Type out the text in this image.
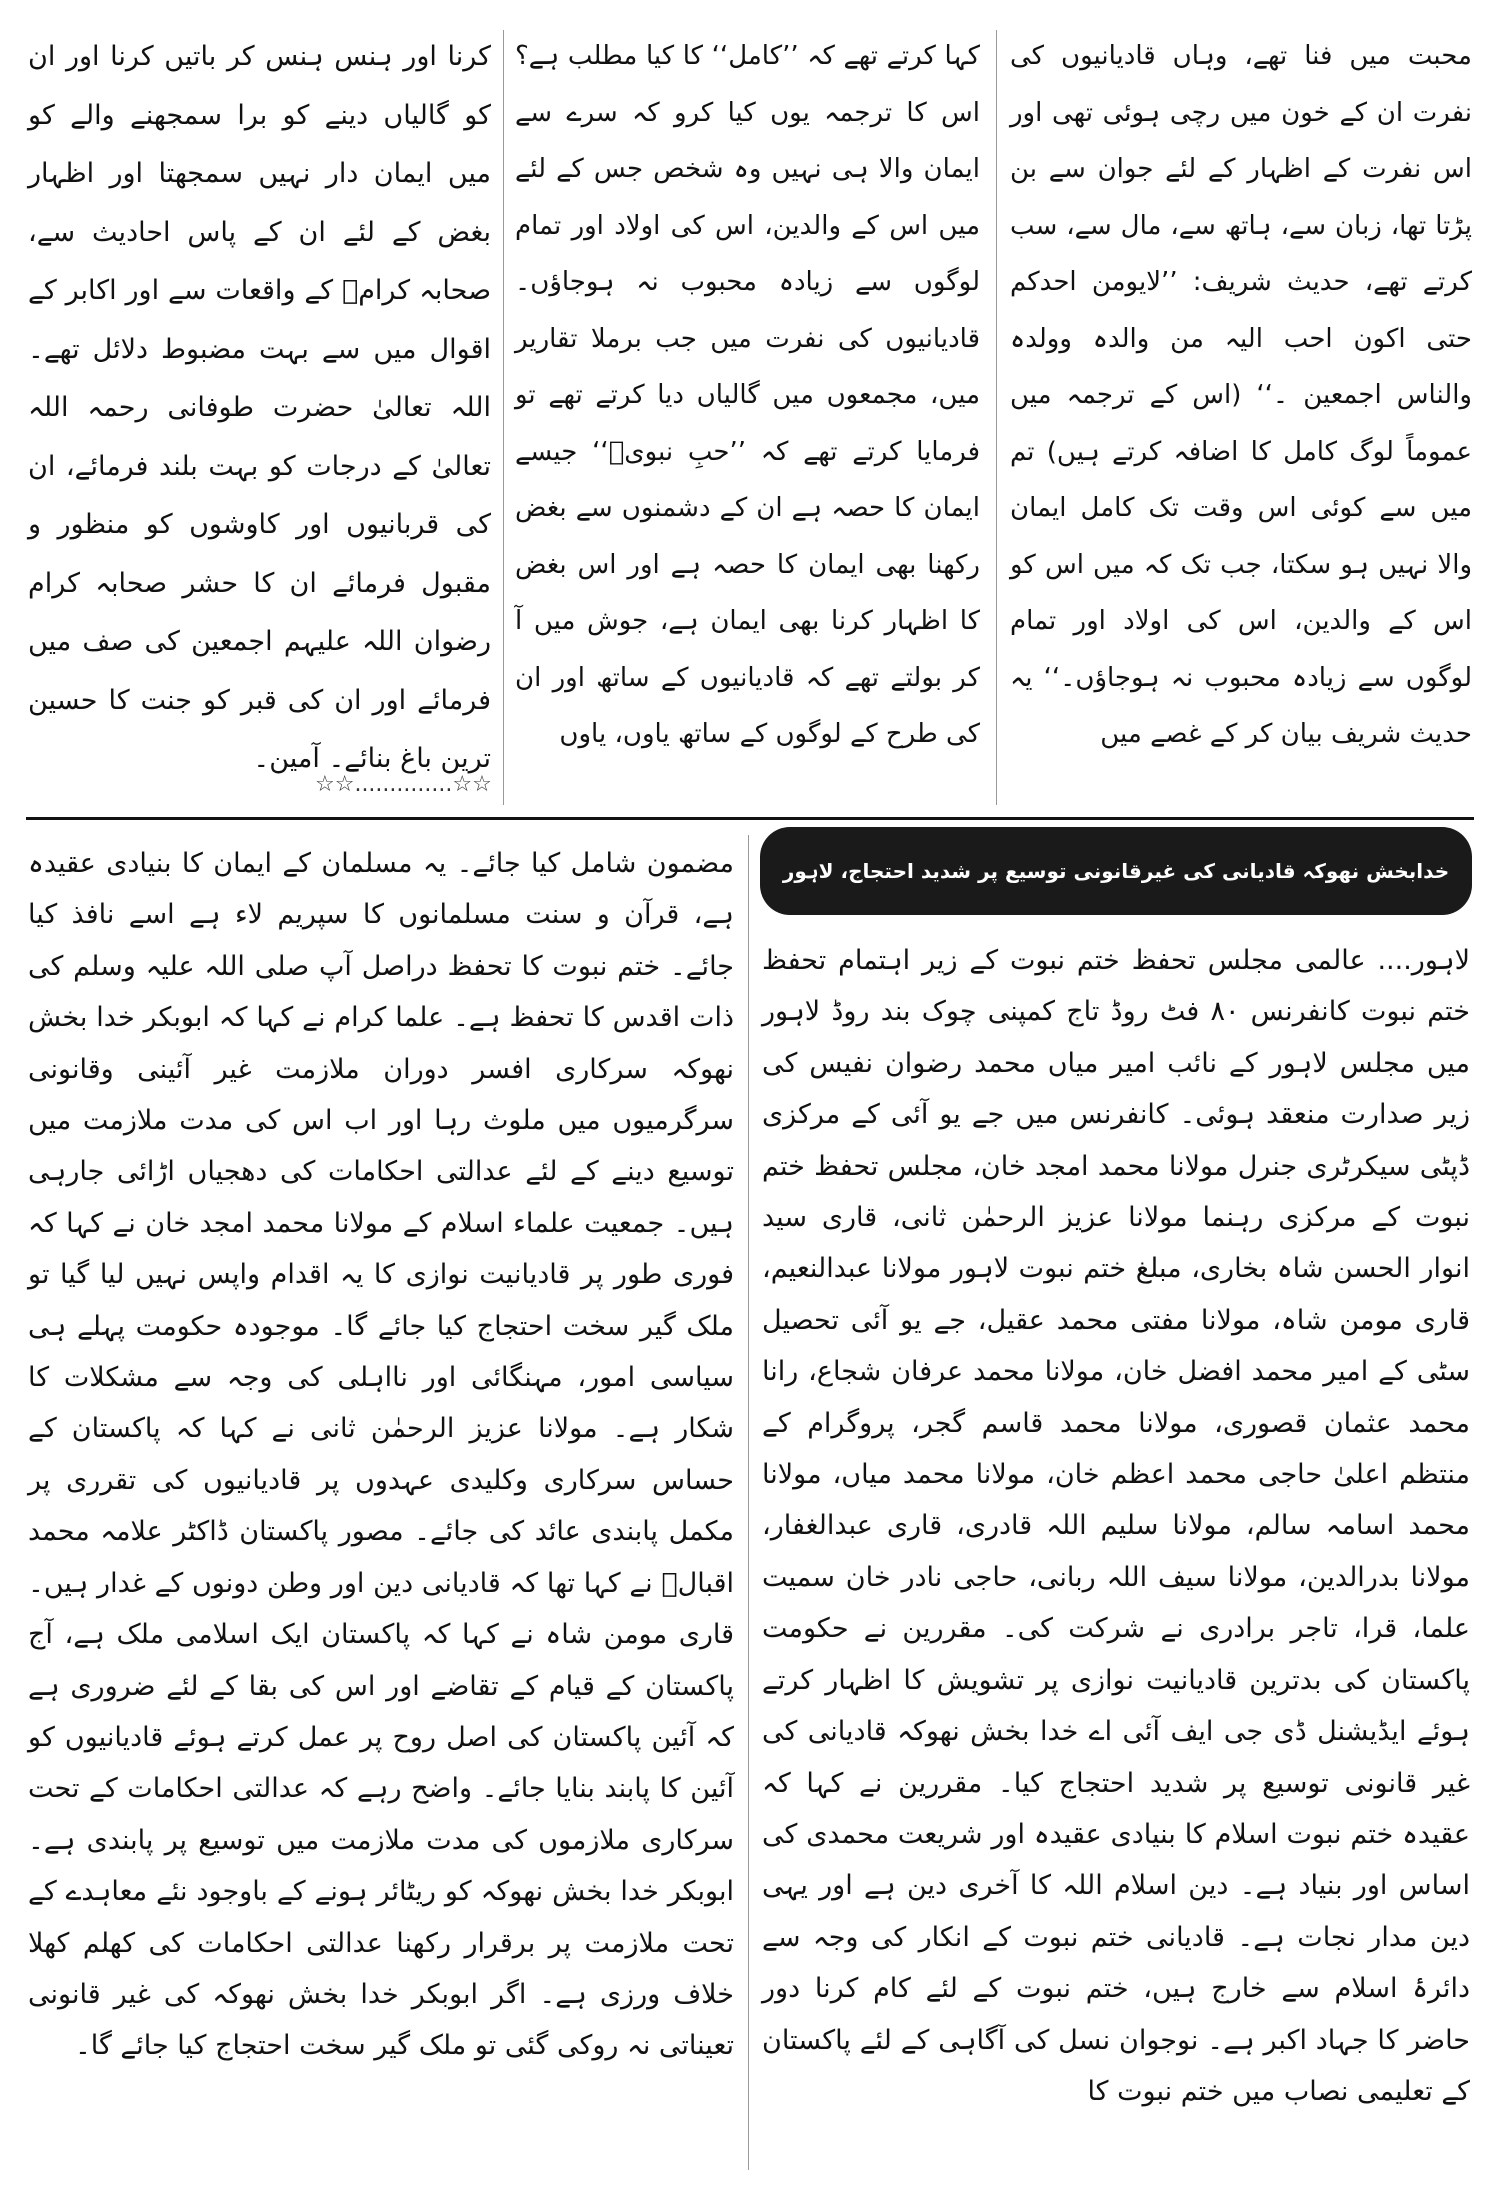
محبت میں فنا تھے، وہاں قادیانیوں کی نفرت ان کے خون میں رچی ہوئی تھی اور اس نفرت کے اظہار کے لئے جوان سے بن پڑتا تھا، زبان سے، ہاتھ سے، مال سے، سب کرتے تھے، حدیث شریف: ’’لایومن احدکم حتی اکون احب الیہ من والدہ وولدہ والناس اجمعین ۔‘‘ (اس کے ترجمہ میں عموماً لوگ کامل کا اضافہ کرتے ہیں) تم میں سے کوئی اس وقت تک کامل ایمان والا نہیں ہو سکتا، جب تک کہ میں اس کو اس کے والدین، اس کی اولاد اور تمام لوگوں سے زیادہ محبوب نہ ہوجاؤں۔‘‘ یہ حدیث شریف بیان کر کے غصے میں

کہا کرتے تھے کہ ’’کامل‘‘ کا کیا مطلب ہے؟ اس کا ترجمہ یوں کیا کرو کہ سرے سے ایمان والا ہی نہیں وہ شخص جس کے لئے میں اس کے والدین، اس کی اولاد اور تمام لوگوں سے زیادہ محبوب نہ ہوجاؤں۔ قادیانیوں کی نفرت میں جب برملا تقاریر میں، مجمعوں میں گالیاں دیا کرتے تھے تو فرمایا کرتے تھے کہ ’’حبِ نبویؐ‘‘ جیسے ایمان کا حصہ ہے ان کے دشمنوں سے بغض رکھنا بھی ایمان کا حصہ ہے اور اس بغض کا اظہار کرنا بھی ایمان ہے، جوش میں آ کر بولتے تھے کہ قادیانیوں کے ساتھ اور ان کی طرح کے لوگوں کے ساتھ یاوں، یاوں

کرنا اور ہنس ہنس کر باتیں کرنا اور ان کو گالیاں دینے کو برا سمجھنے والے کو میں ایمان دار نہیں سمجھتا اور اظہار بغض کے لئے ان کے پاس احادیث سے، صحابہ کرامؓ کے واقعات سے اور اکابر کے اقوال میں سے بہت مضبوط دلائل تھے۔ اللہ تعالیٰ حضرت طوفانی رحمہ اللہ تعالیٰ کے درجات کو بہت بلند فرمائے، ان کی قربانیوں اور کاوشوں کو منظور و مقبول فرمائے ان کا حشر صحابہ کرام رضوان اللہ علیہم اجمعین کی صف میں فرمائے اور ان کی قبر کو جنت کا حسین ترین باغ بنائے۔ آمین۔

☆☆..............☆☆
خدابخش نھوکہ قادیانی کی غیرقانونی توسیع پر شدید احتجاج، لاہور

لاہور.... عالمی مجلس تحفظ ختم نبوت کے زیر اہتمام تحفظ ختم نبوت کانفرنس ۸۰ فٹ روڈ تاج کمپنی چوک بند روڈ لاہور میں مجلس لاہور کے نائب امیر میاں محمد رضوان نفیس کی زیر صدارت منعقد ہوئی۔ کانفرنس میں جے یو آئی کے مرکزی ڈپٹی سیکرٹری جنرل مولانا محمد امجد خان، مجلس تحفظ ختم نبوت کے مرکزی رہنما مولانا عزیز الرحمٰن ثانی، قاری سید انوار الحسن شاہ بخاری، مبلغ ختم نبوت لاہور مولانا عبدالنعیم، قاری مومن شاہ، مولانا مفتی محمد عقیل، جے یو آئی تحصیل سٹی کے امیر محمد افضل خان، مولانا محمد عرفان شجاع، رانا محمد عثمان قصوری، مولانا محمد قاسم گجر، پروگرام کے منتظم اعلیٰ حاجی محمد اعظم خان، مولانا محمد میاں، مولانا محمد اسامہ سالم، مولانا سلیم اللہ قادری، قاری عبدالغفار، مولانا بدرالدین، مولانا سیف اللہ ربانی، حاجی نادر خان سمیت علما، قرا، تاجر برادری نے شرکت کی۔ مقررین نے حکومت پاکستان کی بدترین قادیانیت نوازی پر تشویش کا اظہار کرتے ہوئے ایڈیشنل ڈی جی ایف آئی اے خدا بخش نھوکہ قادیانی کی غیر قانونی توسیع پر شدید احتجاج کیا۔ مقررین نے کہا کہ عقیدہ ختم نبوت اسلام کا بنیادی عقیدہ اور شریعت محمدی کی اساس اور بنیاد ہے۔ دین اسلام اللہ کا آخری دین ہے اور یہی دین مدار نجات ہے۔ قادیانی ختم نبوت کے انکار کی وجہ سے دائرۂ اسلام سے خارج ہیں، ختم نبوت کے لئے کام کرنا دور حاضر کا جہاد اکبر ہے۔ نوجوان نسل کی آگاہی کے لئے پاکستان کے تعلیمی نصاب میں ختم نبوت کا

مضمون شامل کیا جائے۔ یہ مسلمان کے ایمان کا بنیادی عقیدہ ہے، قرآن و سنت مسلمانوں کا سپریم لاء ہے اسے نافذ کیا جائے۔ ختم نبوت کا تحفظ دراصل آپ صلی اللہ علیہ وسلم کی ذات اقدس کا تحفظ ہے۔ علما کرام نے کہا کہ ابوبکر خدا بخش نھوکہ سرکاری افسر دوران ملازمت غیر آئینی وقانونی سرگرمیوں میں ملوث رہا اور اب اس کی مدت ملازمت میں توسیع دینے کے لئے عدالتی احکامات کی دھجیاں اڑائی جارہی ہیں۔ جمعیت علماء اسلام کے مولانا محمد امجد خان نے کہا کہ فوری طور پر قادیانیت نوازی کا یہ اقدام واپس نہیں لیا گیا تو ملک گیر سخت احتجاج کیا جائے گا۔ موجودہ حکومت پہلے ہی سیاسی امور، مہنگائی اور نااہلی کی وجہ سے مشکلات کا شکار ہے۔ مولانا عزیز الرحمٰن ثانی نے کہا کہ پاکستان کے حساس سرکاری وکلیدی عہدوں پر قادیانیوں کی تقرری پر مکمل پابندی عائد کی جائے۔ مصور پاکستان ڈاکٹر علامہ محمد اقبالؒ نے کہا تھا کہ قادیانی دین اور وطن دونوں کے غدار ہیں۔ قاری مومن شاہ نے کہا کہ پاکستان ایک اسلامی ملک ہے، آج پاکستان کے قیام کے تقاضے اور اس کی بقا کے لئے ضروری ہے کہ آئین پاکستان کی اصل روح پر عمل کرتے ہوئے قادیانیوں کو آئین کا پابند بنایا جائے۔ واضح رہے کہ عدالتی احکامات کے تحت سرکاری ملازموں کی مدت ملازمت میں توسیع پر پابندی ہے۔ ابوبکر خدا بخش نھوکہ کو ریٹائر ہونے کے باوجود نئے معاہدے کے تحت ملازمت پر برقرار رکھنا عدالتی احکامات کی کھلم کھلا خلاف ورزی ہے۔ اگر ابوبکر خدا بخش نھوکہ کی غیر قانونی تعیناتی نہ روکی گئی تو ملک گیر سخت احتجاج کیا جائے گا۔
